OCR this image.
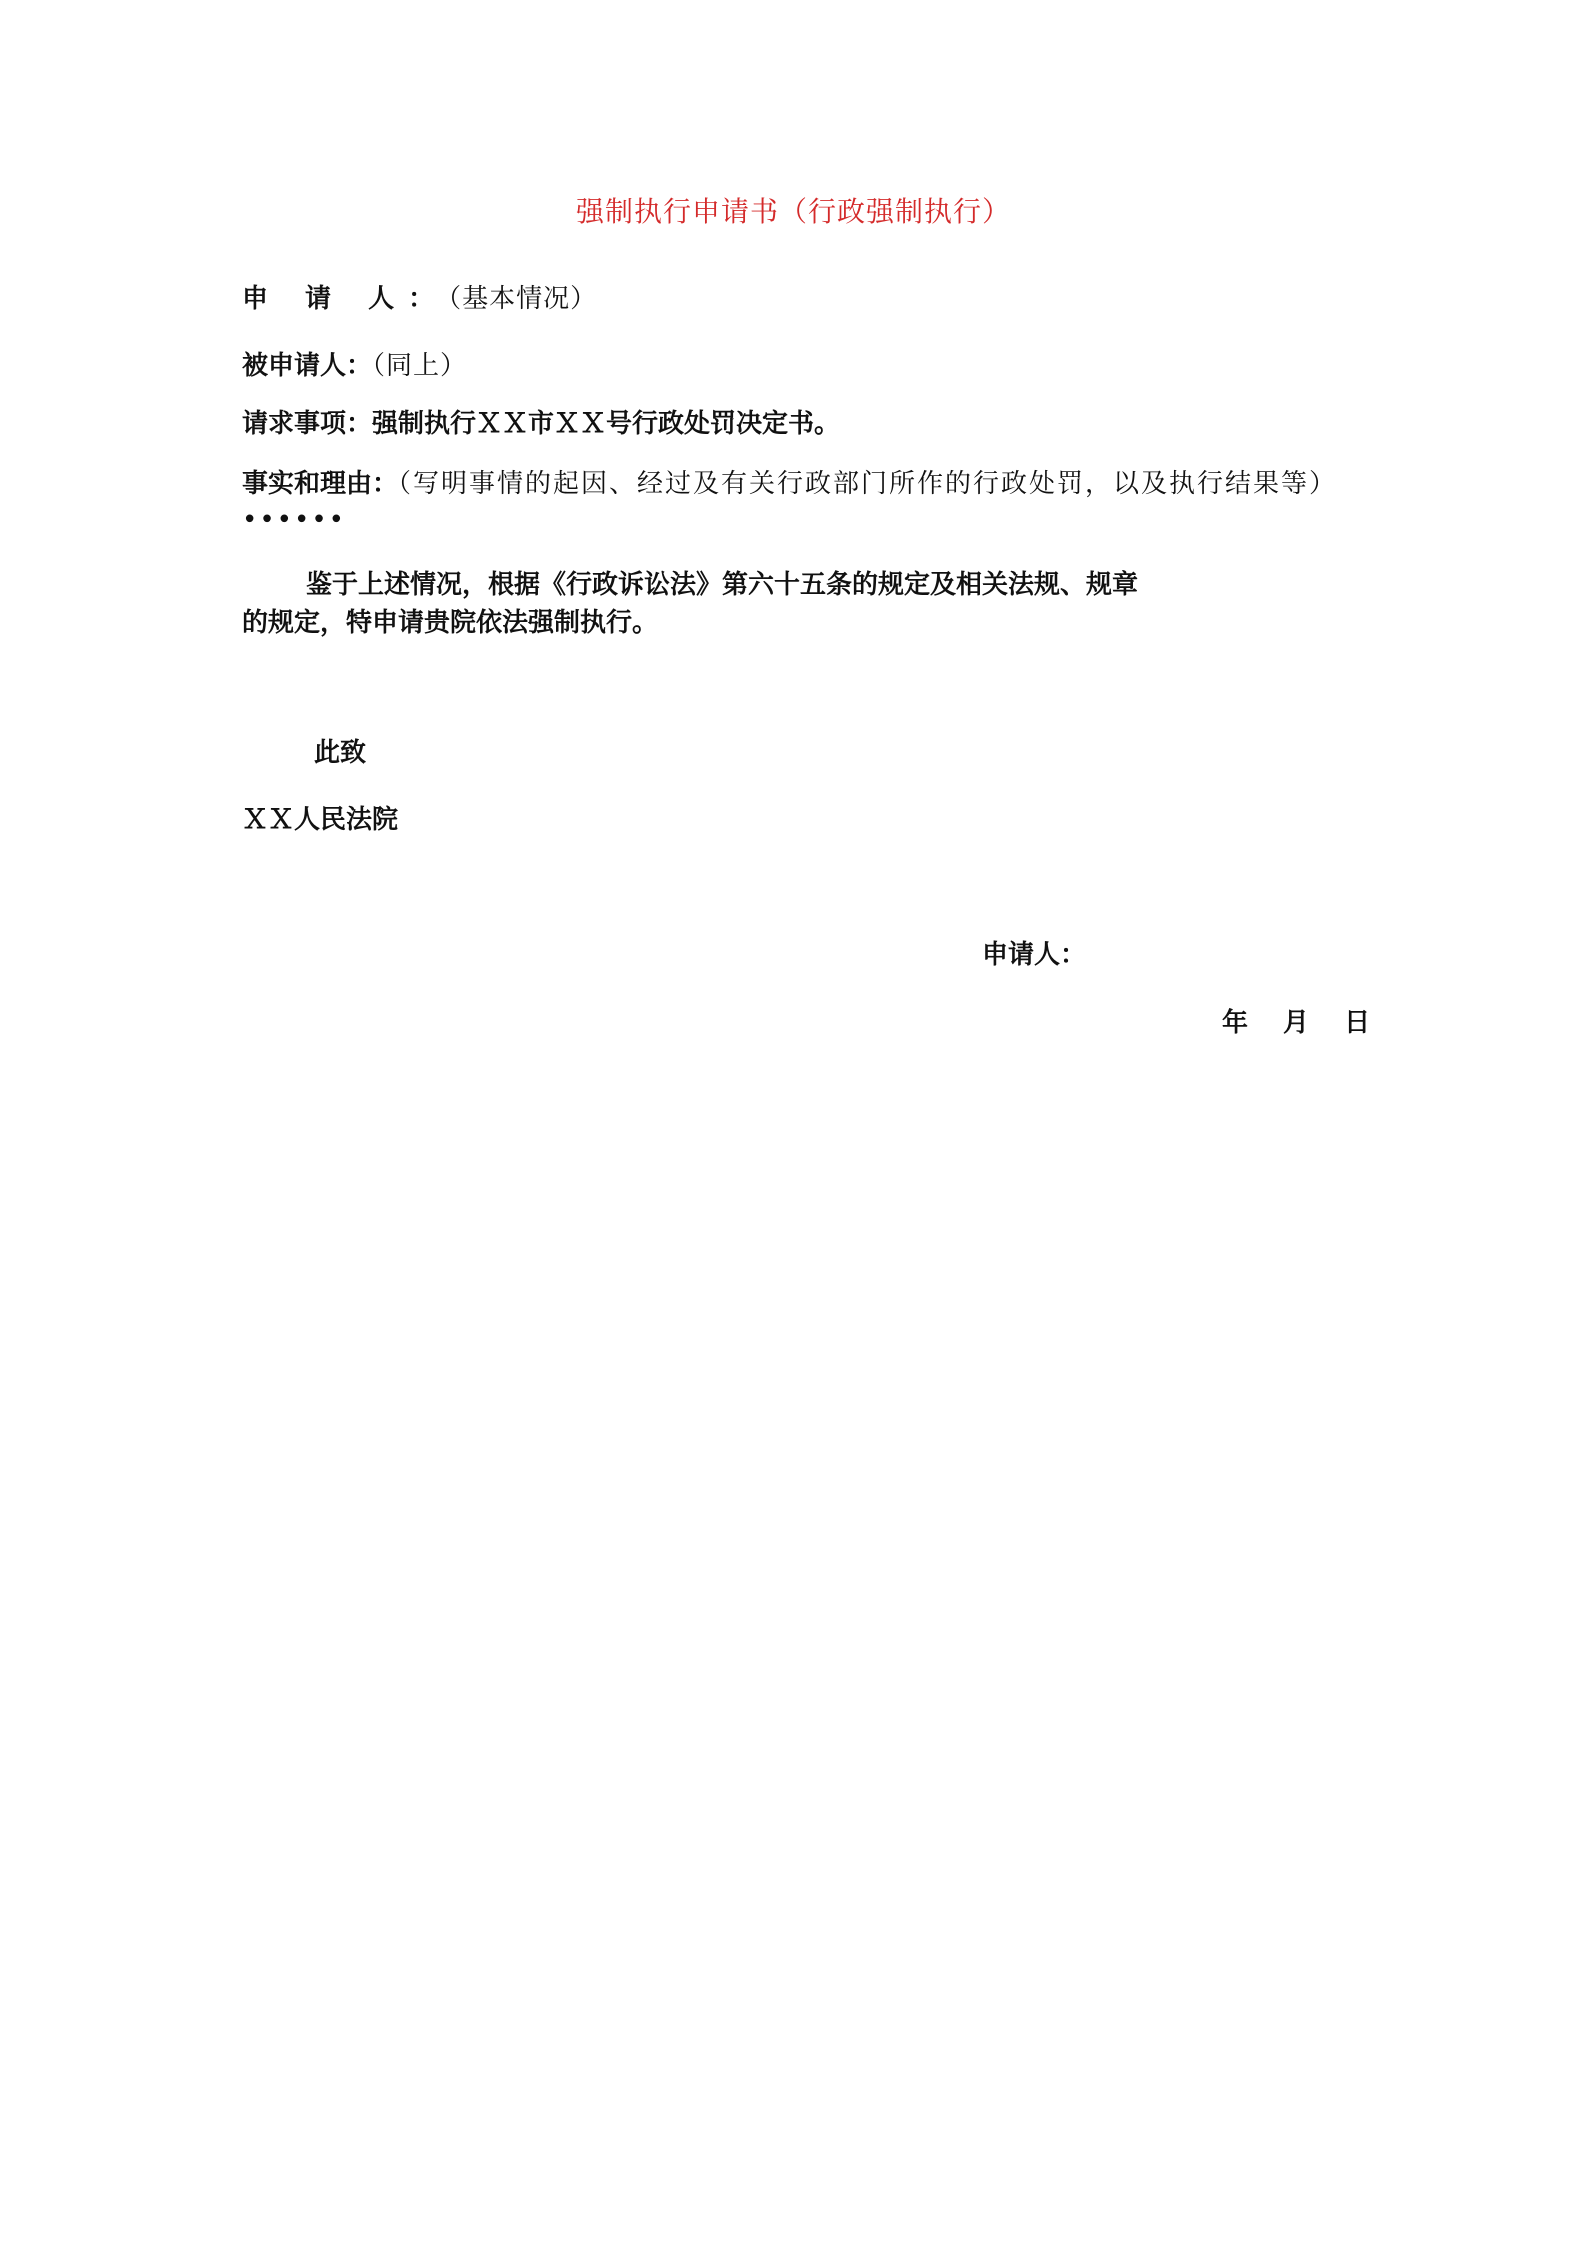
强制执行申请书（行政强制执行）
申 请 人：（基本情况）
被申请人：（同上）
请求事项：强制执行ＸＸ市ＸＸ号行政处罚决定书。
事实和理由：（写明事情的起因、经过及有关行政部门所作的行政处罚，以及执行结果等）••••••
鉴于上述情况，根据《行政诉讼法》第六十五条的规定及相关法规、规章
的规定，特申请贵院依法强制执行。
此致
ＸＸ人民法院
申请人：
年 月 日
